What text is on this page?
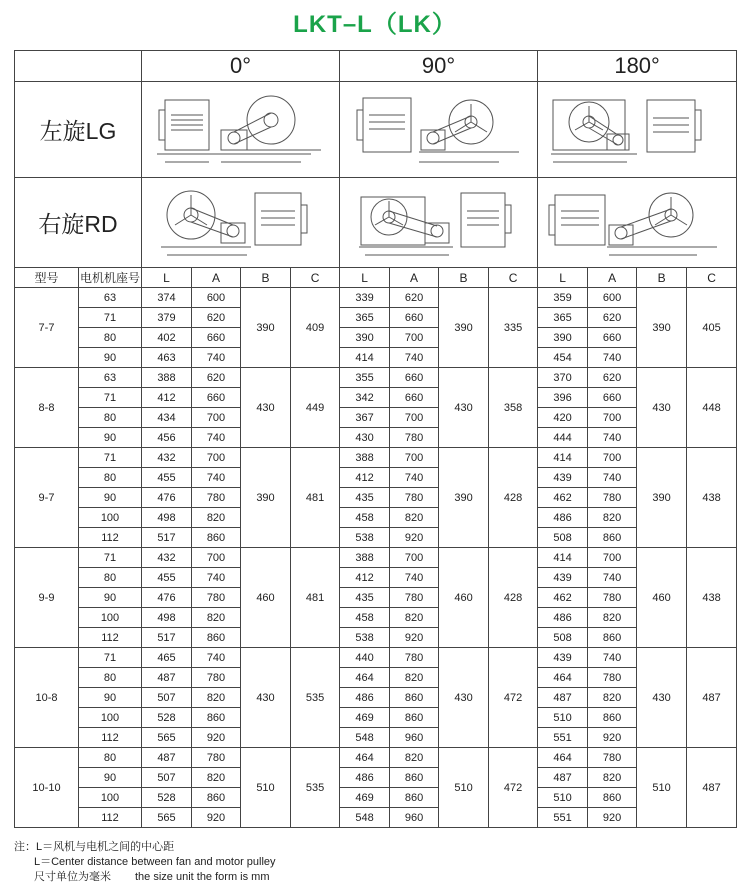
LKT–L（LK）
		0°				90°				180°			
左旋LG	

右旋RD	

型号	电机机座号	L	A	B	C	L	A	B	C	L	A	B	C
7-7	63	374	600	390	409	339	620	390	335	359	600	390	405
	71	379	620			365	660			365	620		
	80	402	660			390	700			390	660		
	90	463	740			414	740			454	740		
8-8	63	388	620	430	449	355	660	430	358	370	620	430	448
	71	412	660			342	660			396	660		
	80	434	700			367	700			420	700		
	90	456	740			430	780			444	740		
9-7	71	432	700	390	481	388	700	390	428	414	700	390	438
	80	455	740			412	740			439	740		
	90	476	780			435	780			462	780		
	100	498	820			458	820			486	820		
	112	517	860			538	920			508	860		
9-9	71	432	700	460	481	388	700	460	428	414	700	460	438
	80	455	740			412	740			439	740		
	90	476	780			435	780			462	780		
	100	498	820			458	820			486	820		
	112	517	860			538	920			508	860		
10-8	71	465	740	430	535	440	780	430	472	439	740	430	487
	80	487	780			464	820			464	780		
	90	507	820			486	860			487	820		
	100	528	860			469	860			510	860		
	112	565	920			548	960			551	920		
10-10	80	487	780	510	535	464	820	510	472	464	780	510	487
	90	507	820			486	860			487	820		
	100	528	860			469	860			510	860		
	112	565	920			548	960			551	920		
注：L＝风机与电机之间的中心距
L＝Center distance between fan and motor pulley
尺寸单位为毫米 the size unit the form is mm
